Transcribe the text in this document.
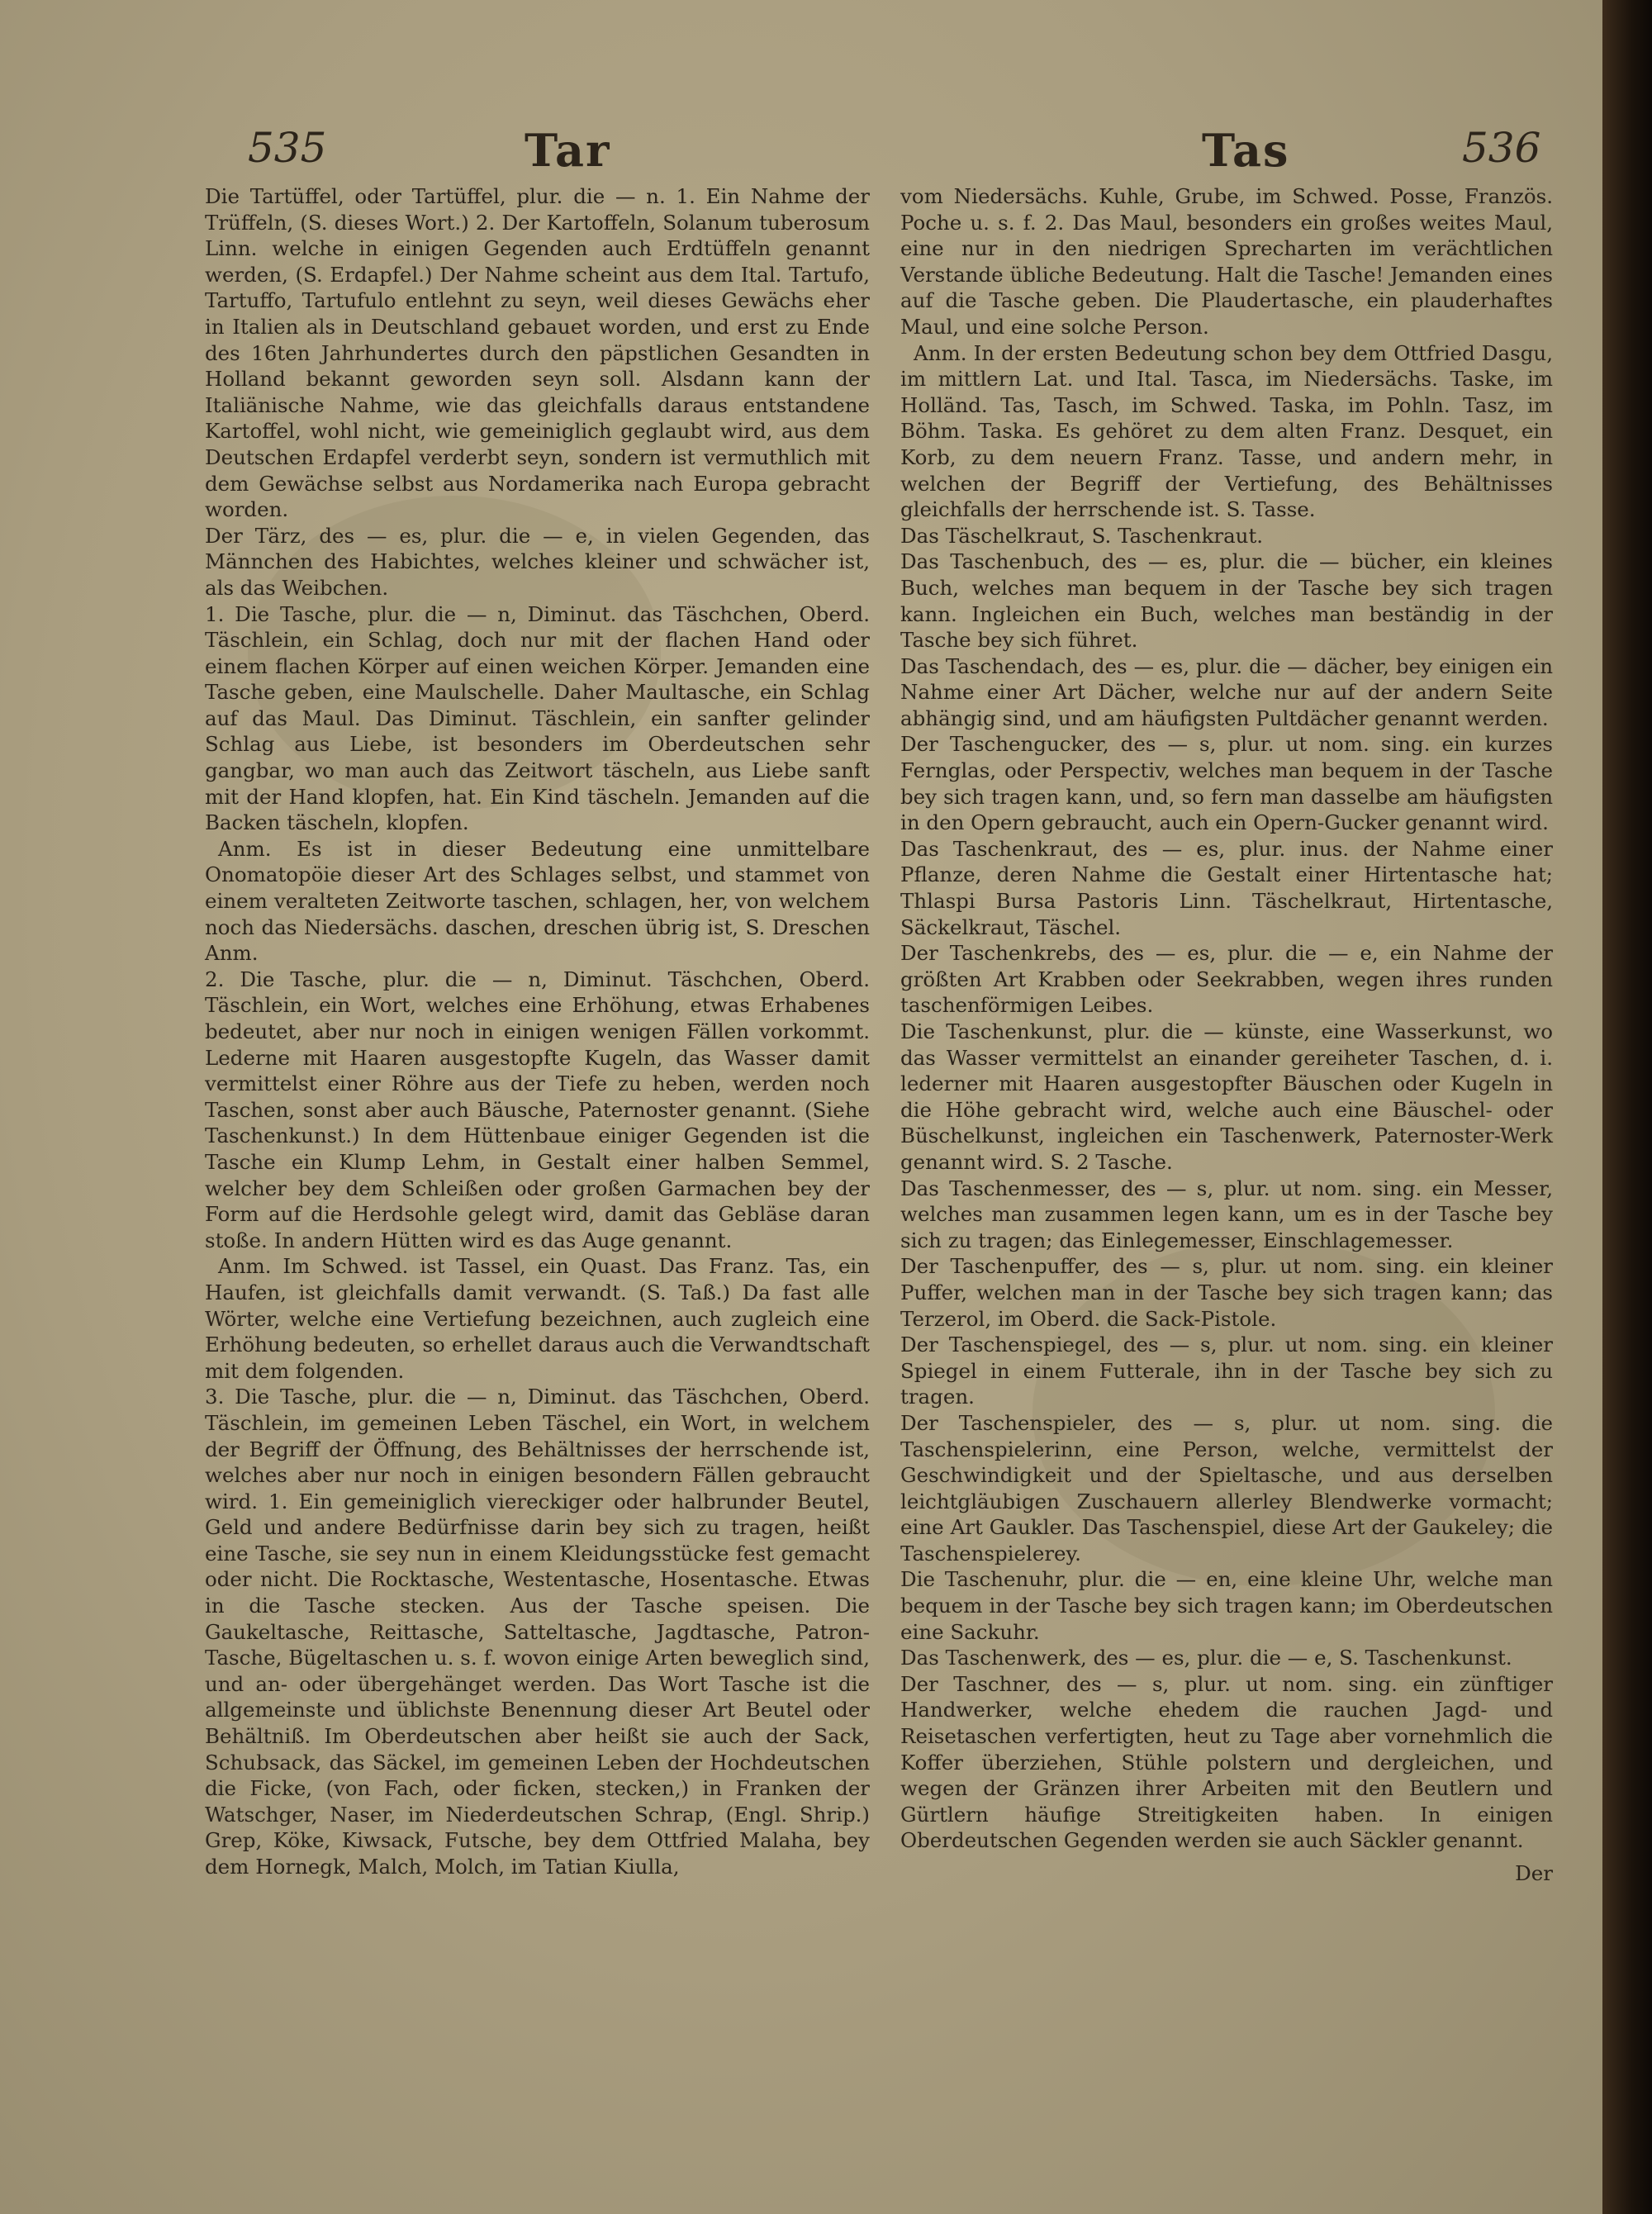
535	Tar	Tas	536

Die Tartüffel, oder Tartüffel, plur. die — n. 1. Ein Nahme der Trüffeln, (S. dieses Wort.) 2. Der Kartoffeln, Solanum tuberosum Linn. welche in einigen Gegenden auch Erdtüffeln genannt werden, (S. Erdapfel.) Der Nahme scheint aus dem Ital. Tartufo, Tartuffo, Tartufulo entlehnt zu seyn, weil dieses Gewächs eher in Italien als in Deutschland gebauet worden, und erst zu Ende des 16ten Jahrhundertes durch den päpstlichen Gesandten in Holland bekannt geworden seyn soll. Alsdann kann der Italiänische Nahme, wie das gleichfalls daraus entstandene Kartoffel, wohl nicht, wie gemeiniglich geglaubt wird, aus dem Deutschen Erdapfel verderbt seyn, sondern ist vermuthlich mit dem Gewächse selbst aus Nordamerika nach Europa gebracht worden.

Der Tärz, des — es, plur. die — e, in vielen Gegenden, das Männchen des Habichtes, welches kleiner und schwächer ist, als das Weibchen.

1. Die Tasche, plur. die — n, Diminut. das Täschchen, Oberd. Täschlein, ein Schlag, doch nur mit der flachen Hand oder einem flachen Körper auf einen weichen Körper. Jemanden eine Tasche geben, eine Maulschelle. Daher Maultasche, ein Schlag auf das Maul. Das Diminut. Täschlein, ein sanfter gelinder Schlag aus Liebe, ist besonders im Oberdeutschen sehr gangbar, wo man auch das Zeitwort täscheln, aus Liebe sanft mit der Hand klopfen, hat. Ein Kind täscheln. Jemanden auf die Backen täscheln, klopfen.

Anm. Es ist in dieser Bedeutung eine unmittelbare Onomatopöie dieser Art des Schlages selbst, und stammet von einem veralteten Zeitworte taschen, schlagen, her, von welchem noch das Niedersächs. daschen, dreschen übrig ist, S. Dreschen Anm.

2. Die Tasche, plur. die — n, Diminut. Täschchen, Oberd. Täschlein, ein Wort, welches eine Erhöhung, etwas Erhabenes bedeutet, aber nur noch in einigen wenigen Fällen vorkommt. Lederne mit Haaren ausgestopfte Kugeln, das Wasser damit vermittelst einer Röhre aus der Tiefe zu heben, werden noch Taschen, sonst aber auch Bäusche, Paternoster genannt. (Siehe Taschenkunst.) In dem Hüttenbaue einiger Gegenden ist die Tasche ein Klump Lehm, in Gestalt einer halben Semmel, welcher bey dem Schleißen oder großen Garmachen bey der Form auf die Herdsohle gelegt wird, damit das Gebläse daran stoße. In andern Hütten wird es das Auge genannt.

Anm. Im Schwed. ist Tassel, ein Quast. Das Franz. Tas, ein Haufen, ist gleichfalls damit verwandt. (S. Taß.) Da fast alle Wörter, welche eine Vertiefung bezeichnen, auch zugleich eine Erhöhung bedeuten, so erhellet daraus auch die Verwandtschaft mit dem folgenden.

3. Die Tasche, plur. die — n, Diminut. das Täschchen, Oberd. Täschlein, im gemeinen Leben Täschel, ein Wort, in welchem der Begriff der Öffnung, des Behältnisses der herrschende ist, welches aber nur noch in einigen besondern Fällen gebraucht wird. 1. Ein gemeiniglich viereckiger oder halbrunder Beutel, Geld und andere Bedürfnisse darin bey sich zu tragen, heißt eine Tasche, sie sey nun in einem Kleidungsstücke fest gemacht oder nicht. Die Rocktasche, Westentasche, Hosentasche. Etwas in die Tasche stecken. Aus der Tasche speisen. Die Gaukeltasche, Reittasche, Satteltasche, Jagdtasche, Patron-Tasche, Bügeltaschen u. s. f. wovon einige Arten beweglich sind, und an- oder übergehänget werden. Das Wort Tasche ist die allgemeinste und üblichste Benennung dieser Art Beutel oder Behältniß. Im Oberdeutschen aber heißt sie auch der Sack, Schubsack, das Säckel, im gemeinen Leben der Hochdeutschen die Ficke, (von Fach, oder ficken, stecken,) in Franken der Watschger, Naser, im Niederdeutschen Schrap, (Engl. Shrip.) Grep, Köke, Kiwsack, Futsche, bey dem Ottfried Malaha, bey dem Hornegk, Malch, Molch, im Tatian Kiulla,

vom Niedersächs. Kuhle, Grube, im Schwed. Posse, Französ. Poche u. s. f. 2. Das Maul, besonders ein großes weites Maul, eine nur in den niedrigen Sprecharten im verächtlichen Verstande übliche Bedeutung. Halt die Tasche! Jemanden eines auf die Tasche geben. Die Plaudertasche, ein plauderhaftes Maul, und eine solche Person.

Anm. In der ersten Bedeutung schon bey dem Ottfried Dasgu, im mittlern Lat. und Ital. Tasca, im Niedersächs. Taske, im Holländ. Tas, Tasch, im Schwed. Taska, im Pohln. Tasz, im Böhm. Taska. Es gehöret zu dem alten Franz. Desquet, ein Korb, zu dem neuern Franz. Tasse, und andern mehr, in welchen der Begriff der Vertiefung, des Behältnisses gleichfalls der herrschende ist. S. Tasse.

Das Täschelkraut, S. Taschenkraut.

Das Taschenbuch, des — es, plur. die — bücher, ein kleines Buch, welches man bequem in der Tasche bey sich tragen kann. Ingleichen ein Buch, welches man beständig in der Tasche bey sich führet.

Das Taschendach, des — es, plur. die — dächer, bey einigen ein Nahme einer Art Dächer, welche nur auf der andern Seite abhängig sind, und am häufigsten Pultdächer genannt werden.

Der Taschengucker, des — s, plur. ut nom. sing. ein kurzes Fernglas, oder Perspectiv, welches man bequem in der Tasche bey sich tragen kann, und, so fern man dasselbe am häufigsten in den Opern gebraucht, auch ein Opern-Gucker genannt wird.

Das Taschenkraut, des — es, plur. inus. der Nahme einer Pflanze, deren Nahme die Gestalt einer Hirtentasche hat; Thlaspi Bursa Pastoris Linn. Täschelkraut, Hirtentasche, Säckelkraut, Täschel.

Der Taschenkrebs, des — es, plur. die — e, ein Nahme der größten Art Krabben oder Seekrabben, wegen ihres runden taschenförmigen Leibes.

Die Taschenkunst, plur. die — künste, eine Wasserkunst, wo das Wasser vermittelst an einander gereiheter Taschen, d. i. lederner mit Haaren ausgestopfter Bäuschen oder Kugeln in die Höhe gebracht wird, welche auch eine Bäuschel- oder Büschelkunst, ingleichen ein Taschenwerk, Paternoster-Werk genannt wird. S. 2 Tasche.

Das Taschenmesser, des — s, plur. ut nom. sing. ein Messer, welches man zusammen legen kann, um es in der Tasche bey sich zu tragen; das Einlegemesser, Einschlagemesser.

Der Taschenpuffer, des — s, plur. ut nom. sing. ein kleiner Puffer, welchen man in der Tasche bey sich tragen kann; das Terzerol, im Oberd. die Sack-Pistole.

Der Taschenspiegel, des — s, plur. ut nom. sing. ein kleiner Spiegel in einem Futterale, ihn in der Tasche bey sich zu tragen.

Der Taschenspieler, des — s, plur. ut nom. sing. die Taschenspielerinn, eine Person, welche, vermittelst der Geschwindigkeit und der Spieltasche, und aus derselben leichtgläubigen Zuschauern allerley Blendwerke vormacht; eine Art Gaukler. Das Taschenspiel, diese Art der Gaukeley; die Taschenspielerey.

Die Taschenuhr, plur. die — en, eine kleine Uhr, welche man bequem in der Tasche bey sich tragen kann; im Oberdeutschen eine Sackuhr.

Das Taschenwerk, des — es, plur. die — e, S. Taschenkunst.

Der Taschner, des — s, plur. ut nom. sing. ein zünftiger Handwerker, welche ehedem die rauchen Jagd- und Reisetaschen verfertigten, heut zu Tage aber vornehmlich die Koffer überziehen, Stühle polstern und dergleichen, und wegen der Gränzen ihrer Arbeiten mit den Beutlern und Gürtlern häufige Streitigkeiten haben. In einigen Oberdeutschen Gegenden werden sie auch Säckler genannt.

Der
